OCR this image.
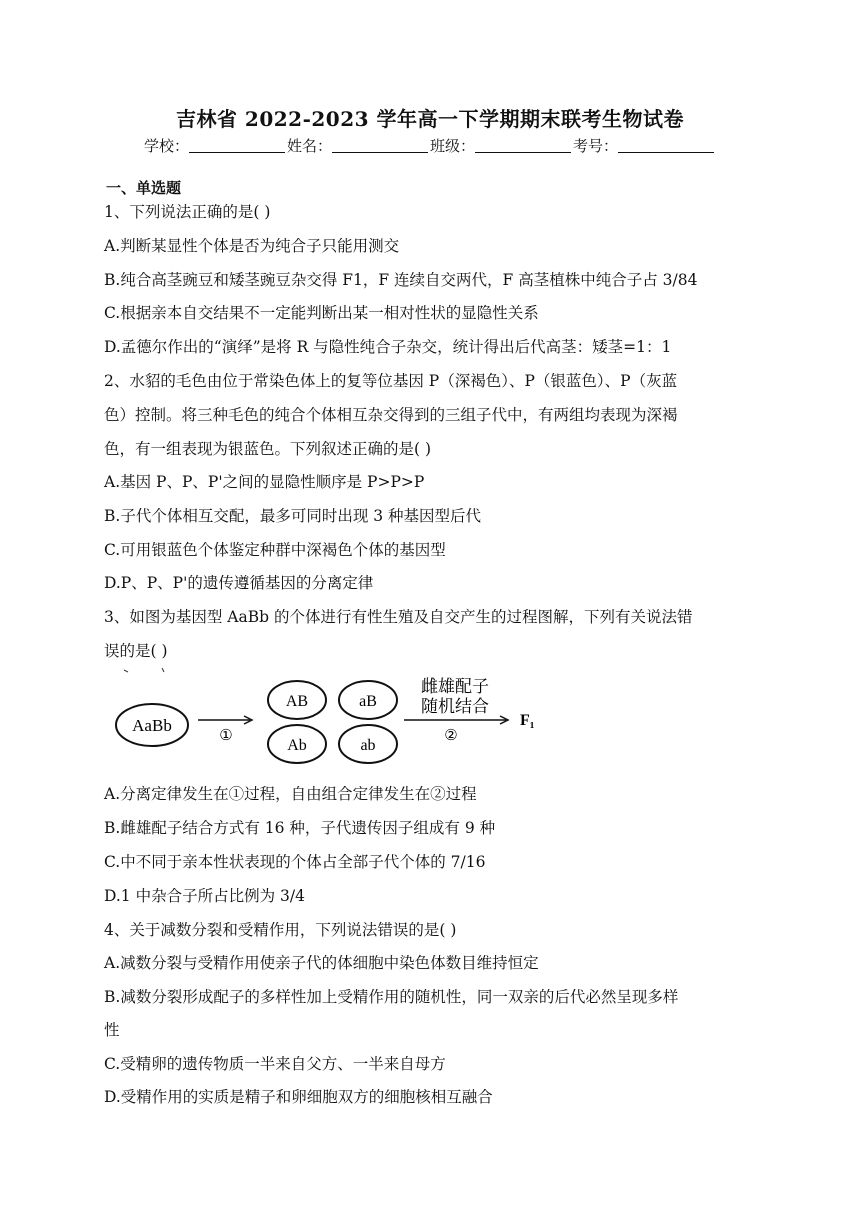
吉林省 2022-2023 学年高一下学期期末联考生物试卷
学校：	姓名：	班级：	考号：
一、单选题
1、下列说法正确的是( )
A.判断某显性个体是否为纯合子只能用测交
B.纯合高茎豌豆和矮茎豌豆杂交得 F1，F 连续自交两代，F 高茎植株中纯合子占 3/84
C.根据亲本自交结果不一定能判断出某一相对性状的显隐性关系
D.孟德尔作出的“演绎”是将 R 与隐性纯合子杂交，统计得出后代高茎：矮茎=1：1
2、水貂的毛色由位于常染色体上的复等位基因 P（深褐色）、P（银蓝色）、P（灰蓝
色）控制。将三种毛色的纯合个体相互杂交得到的三组子代中，有两组均表现为深褐
色，有一组表现为银蓝色。下列叙述正确的是( )
A.基因 P、P、P'之间的显隐性顺序是 P>P>P
B.子代个体相互交配，最多可同时出现 3 种基因型后代
C.可用银蓝色个体鉴定种群中深褐色个体的基因型
D.P、P、P'的遗传遵循基因的分离定律
3、如图为基因型 AaBb 的个体进行有性生殖及自交产生的过程图解，下列有关说法错
误的是( )
AaBb
①
AB	aB
Ab	ab
雌雄配子
随机结合
②
F₁
A.分离定律发生在①过程，自由组合定律发生在②过程
B.雌雄配子结合方式有 16 种，子代遗传因子组成有 9 种
C.中不同于亲本性状表现的个体占全部子代个体的 7/16
D.1 中杂合子所占比例为 3/4
4、关于减数分裂和受精作用，下列说法错误的是( )
A.减数分裂与受精作用使亲子代的体细胞中染色体数目维持恒定
B.减数分裂形成配子的多样性加上受精作用的随机性，同一双亲的后代必然呈现多样
性
C.受精卵的遗传物质一半来自父方、一半来自母方
D.受精作用的实质是精子和卵细胞双方的细胞核相互融合
